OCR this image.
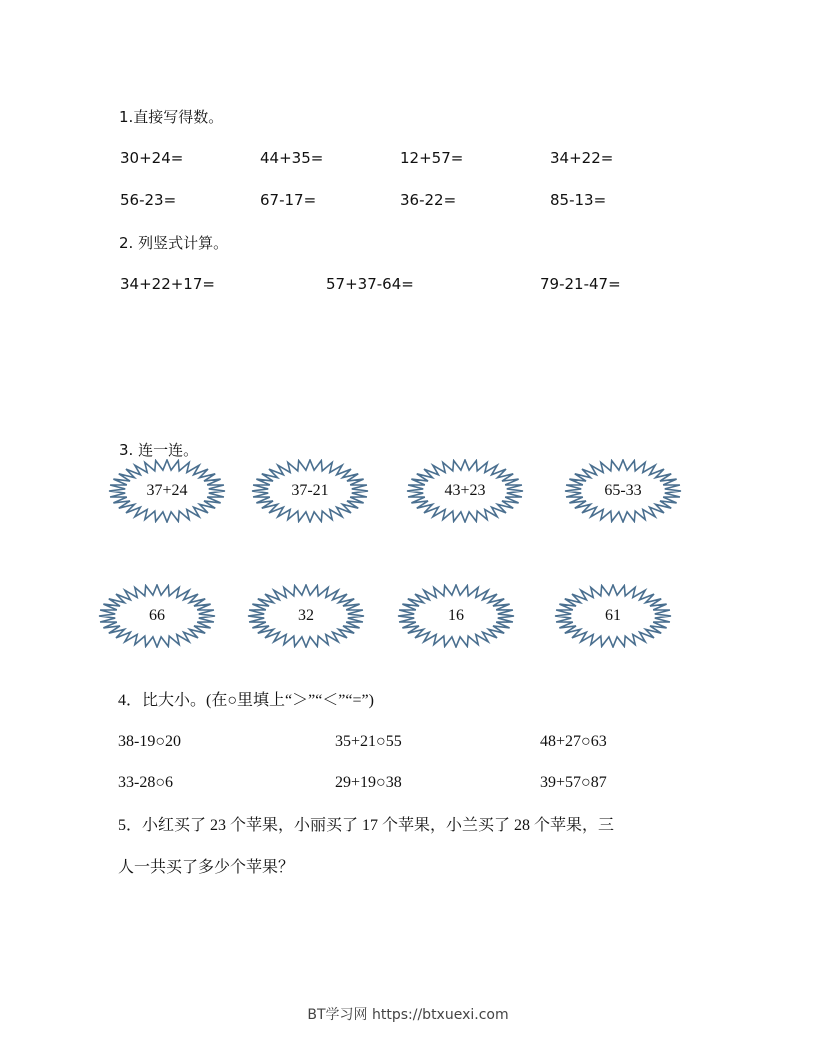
1.直接写得数。
30+24=	44+35=	12+57=	34+22=
56-23=	67-17=	36-22=	85-13=
2. 列竖式计算。
34+22+17=	57+37-64=	79-21-47=
3. 连一连。
37+24	37-21	43+23	65-33
66	32	16	61
4．比大小。(在○里填上“＞”“＜”“=”)
38-19○20	35+21○55	48+27○63
33-28○6	29+19○38	39+57○87
5．小红买了 23 个苹果，小丽买了 17 个苹果，小兰买了 28 个苹果，三
人一共买了多少个苹果？
BT学习网 https://btxuexi.com
